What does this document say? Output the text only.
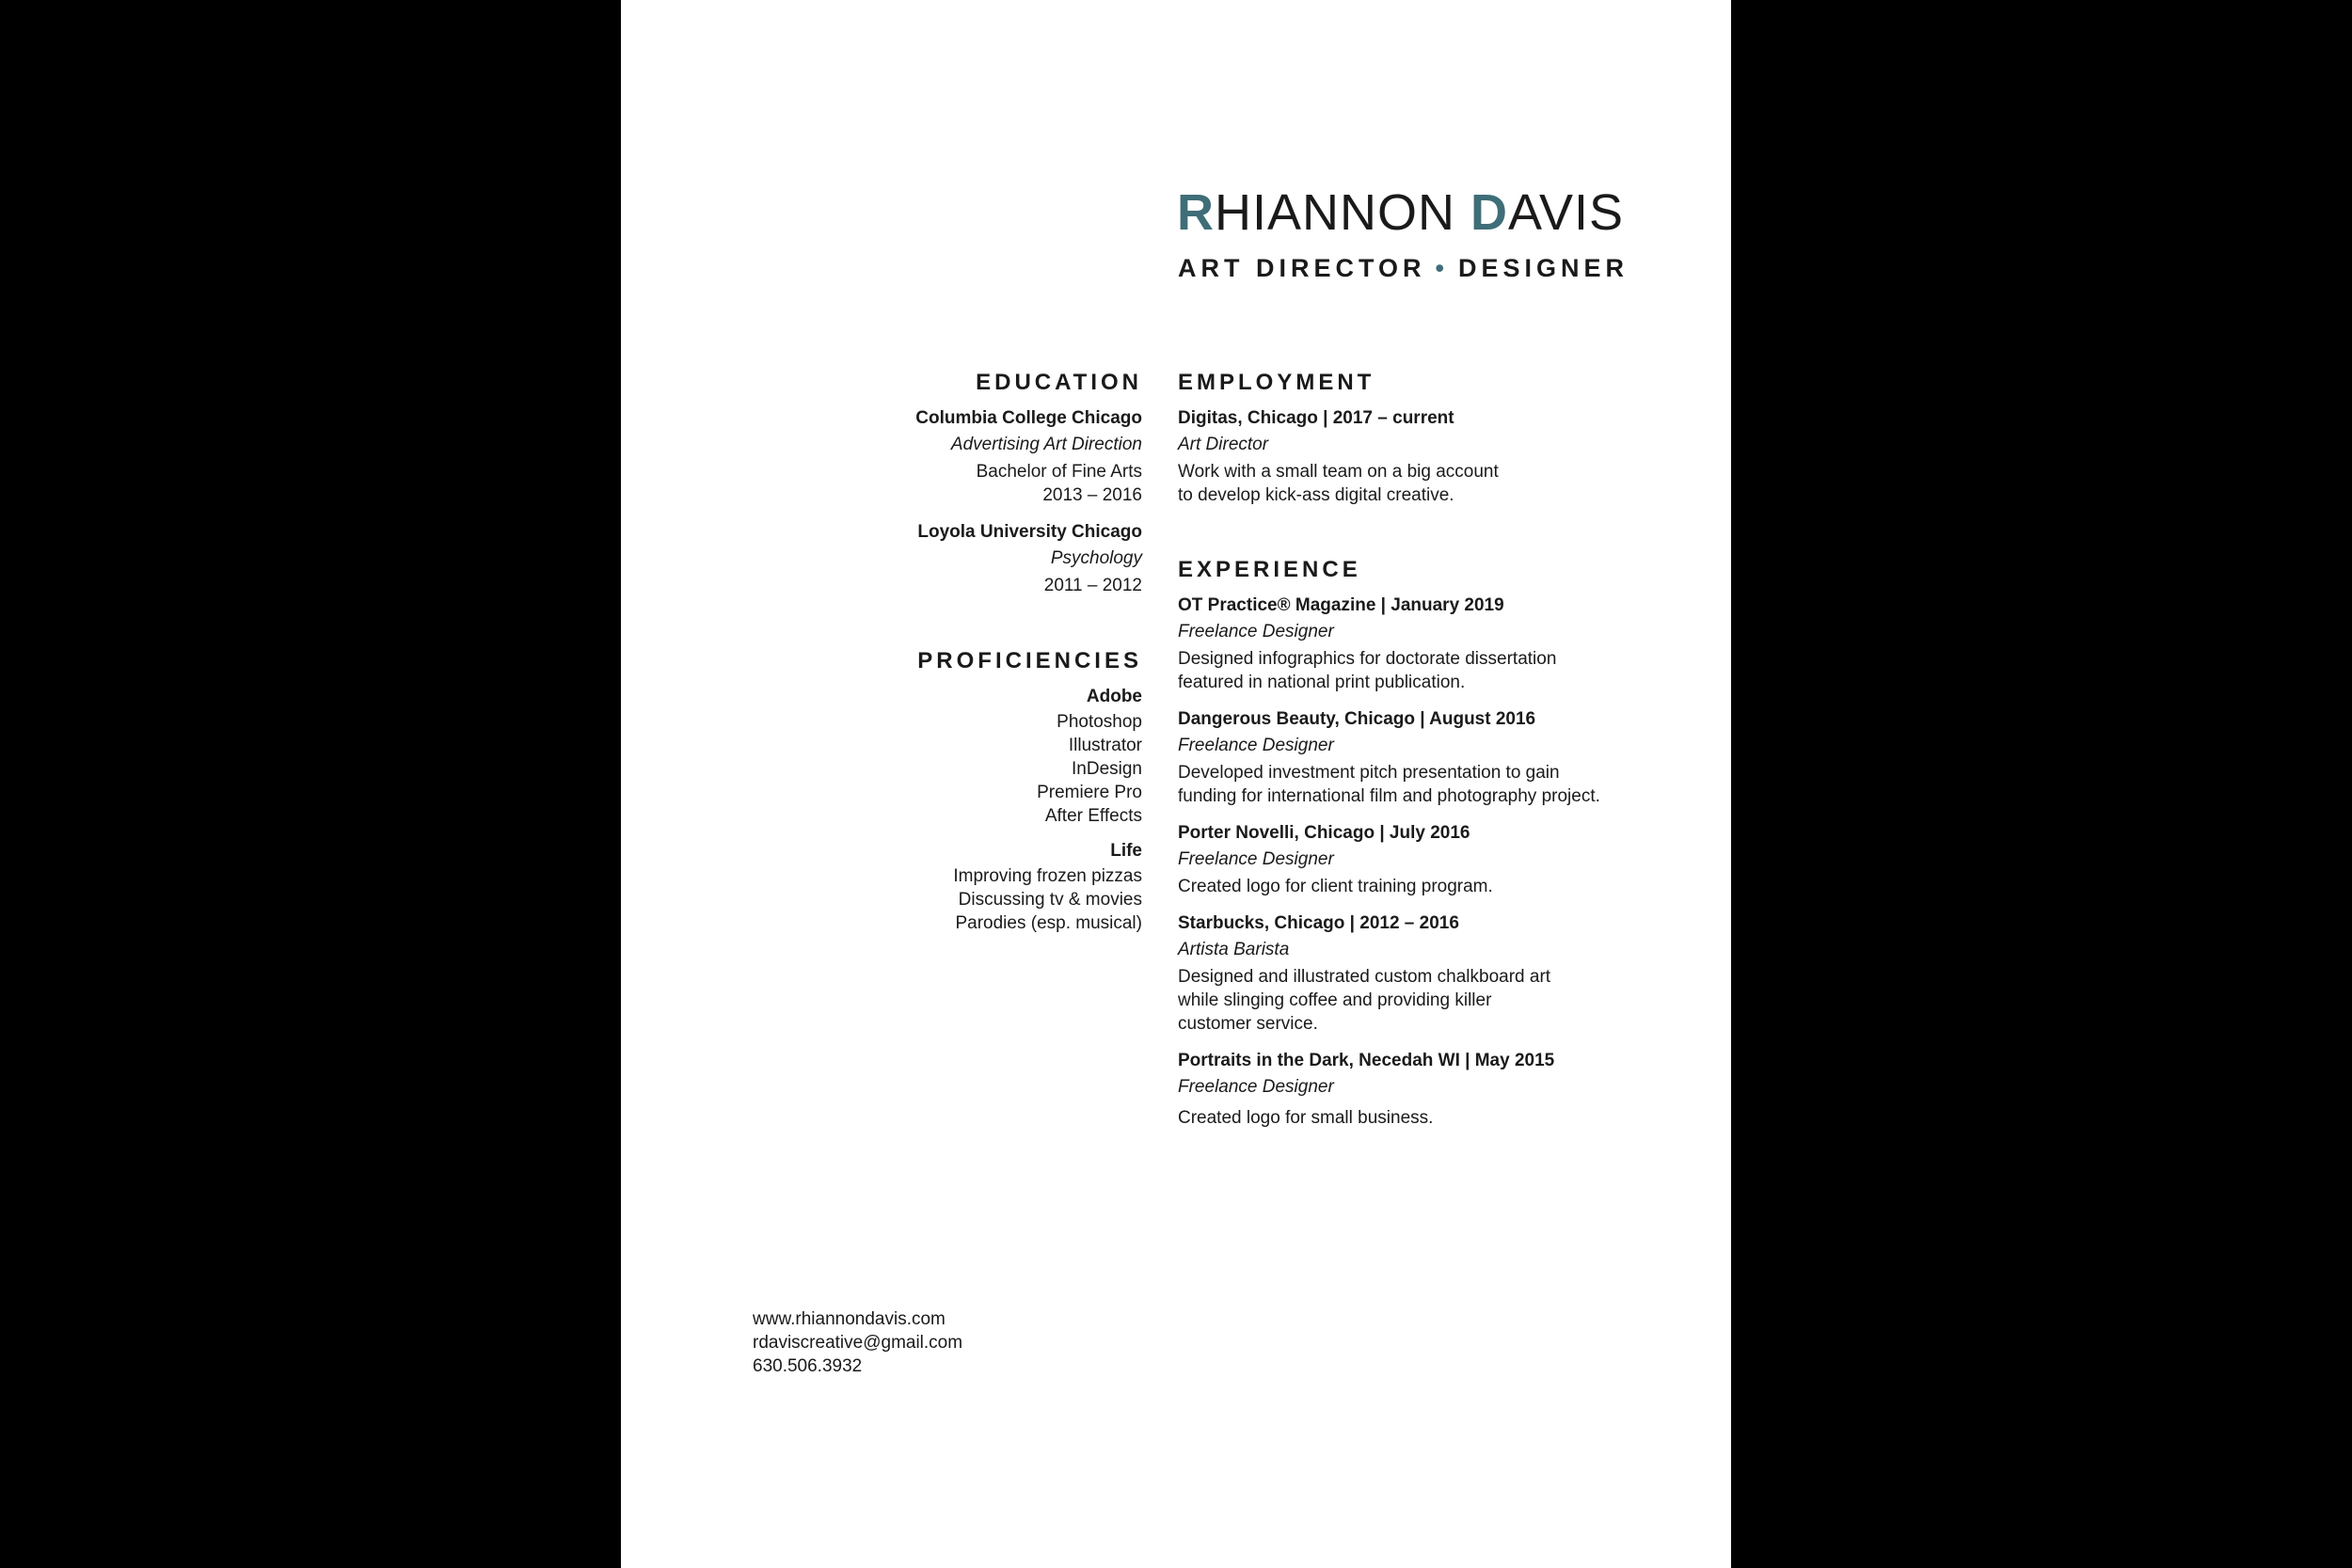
RHIANNON DAVIS
ART DIRECTOR • DESIGNER
EDUCATION
Columbia College Chicago
Advertising Art Direction
Bachelor of Fine Arts
2013 – 2016
Loyola University Chicago
Psychology
2011 – 2012
PROFICIENCIES
Adobe
Photoshop
Illustrator
InDesign
Premiere Pro
After Effects
Life
Improving frozen pizzas
Discussing tv & movies
Parodies (esp. musical)
EMPLOYMENT
Digitas, Chicago | 2017 – current
Art Director
Work with a small team on a big account
to develop kick-ass digital creative.
EXPERIENCE
OT Practice® Magazine | January 2019
Freelance Designer
Designed infographics for doctorate dissertation
featured in national print publication.
Dangerous Beauty, Chicago | August 2016
Freelance Designer
Developed investment pitch presentation to gain
funding for international film and photography project.
Porter Novelli, Chicago | July 2016
Freelance Designer
Created logo for client training program.
Starbucks, Chicago | 2012 – 2016
Artista Barista
Designed and illustrated custom chalkboard art
while slinging coffee and providing killer
customer service.
Portraits in the Dark, Necedah WI | May 2015
Freelance Designer
Created logo for small business.
www.rhiannondavis.com
rdaviscreative@gmail.com
630.506.3932
